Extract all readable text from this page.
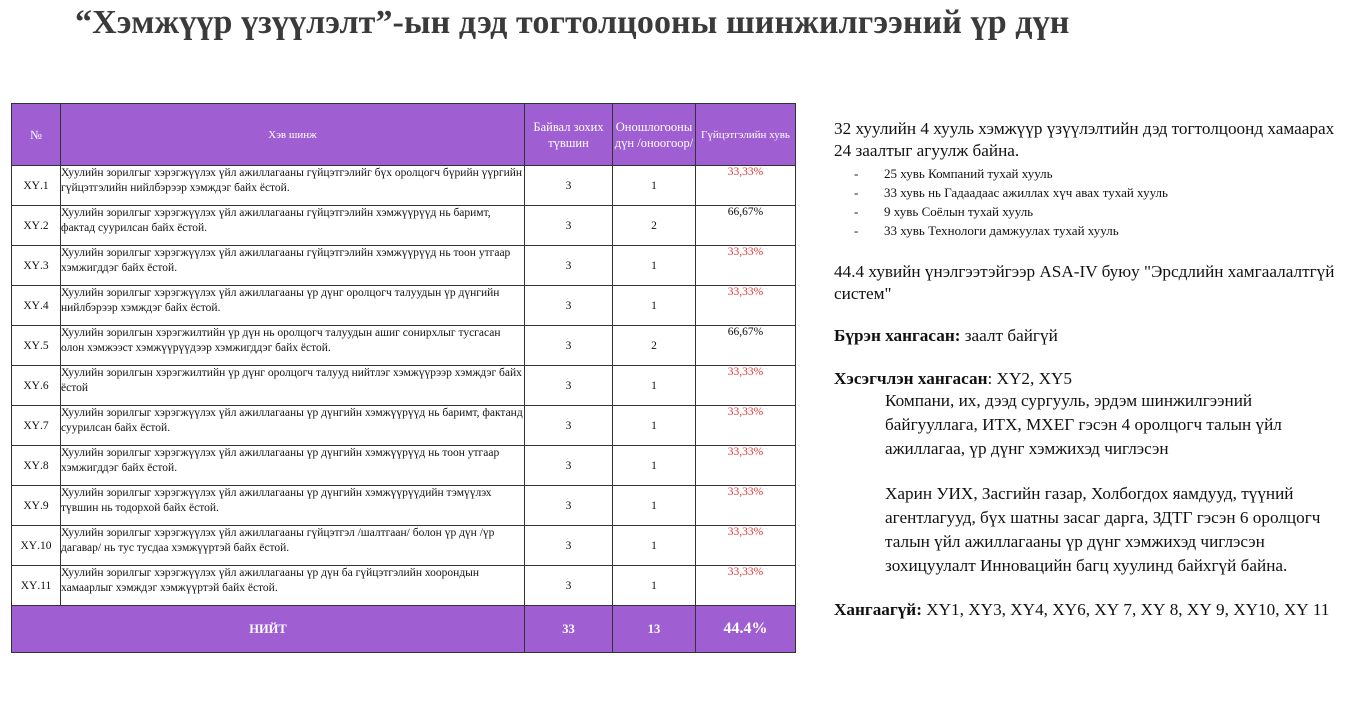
“Хэмжүүр үзүүлэлт”-ын дэд тогтолцооны шинжилгээний үр дүн
№	Хэв шинж	Байвал зохих түвшин	Оношлогооны дүн /оноогоор/	Гүйцэтгэлийн хувь
ХҮ.1	Хуулийн зорилгыг хэрэгжүүлэх үйл ажиллагааны гүйцэтгэлийг бүх оролцогч бүрийн үүргийн гүйцэтгэлийн нийлбэрээр хэмждэг байх ёстой.	3	1	33,33%
ХҮ.2	Хуулийн зорилгыг хэрэгжүүлэх үйл ажиллагааны гүйцэтгэлийн хэмжүүрүүд нь баримт, фактад суурилсан байх ёстой.	3	2	66,67%
ХҮ.3	Хуулийн зорилгыг хэрэгжүүлэх үйл ажиллагааны гүйцэтгэлийн хэмжүүрүүд нь тоон утгаар хэмжигддэг байх ёстой.	3	1	33,33%
ХҮ.4	Хуулийн зорилгыг хэрэгжүүлэх үйл ажиллагааны үр дүнг оролцогч талуудын үр дүнгийн нийлбэрээр хэмждэг байх ёстой.	3	1	33,33%
ХҮ.5	Хуулийн зорилгын хэрэгжилтийн үр дүн нь оролцогч талуудын ашиг сонирхлыг тусгасан олон хэмжээст хэмжүүрүүдээр хэмжигддэг байх ёстой.	3	2	66,67%
ХҮ.6	Хуулийн зорилгын хэрэгжилтийн үр дүнг оролцогч талууд нийтлэг хэмжүүрээр хэмждэг байх ёстой	3	1	33,33%
ХҮ.7	Хуулийн зорилгыг хэрэгжүүлэх үйл ажиллагааны үр дүнгийн хэмжүүрүүд нь баримт, фактанд суурилсан байх ёстой.	3	1	33,33%
ХҮ.8	Хуулийн зорилгыг хэрэгжүүлэх үйл ажиллагааны үр дүнгийн хэмжүүрүүд нь тоон утгаар хэмжигддэг байх ёстой.	3	1	33,33%
ХҮ.9	Хуулийн зорилгыг хэрэгжүүлэх үйл ажиллагааны үр дүнгийн хэмжүүрүүдийн тэмүүлэх түвшин нь тодорхой байх ёстой.	3	1	33,33%
ХҮ.10	Хуулийн зорилгыг хэрэгжүүлэх үйл ажиллагааны гүйцэтгэл /шалтгаан/ болон үр дүн /үр дагавар/ нь тус тусдаа хэмжүүртэй байх ёстой.	3	1	33,33%
ХҮ.11	Хуулийн зорилгыг хэрэгжүүлэх үйл ажиллагааны үр дүн ба гүйцэтгэлийн хоорондын хамаарлыг хэмждэг хэмжүүртэй байх ёстой.	3	1	33,33%
НИЙТ		33	13	44.4%

32 хуулийн 4 хууль хэмжүүр үзүүлэлтийн дэд тогтолцоонд хамаарах 24 заалтыг агуулж байна.

- 25 хувь Компаний тухай хууль
- 33 хувь нь Гадаадаас ажиллах хүч авах тухай хууль
- 9 хувь Соёлын тухай хууль
- 33 хувь Технологи дамжуулах тухай хууль

44.4 хувийн үнэлгээтэйгээр ASA-IV буюу "Эрсдлийн хамгаалалтгүй систем"

Бүрэн хангасан: заалт байгүй

Хэсэгчлэн хангасан: ХҮ2, ХҮ5

Компани, их, дээд сургууль, эрдэм шинжилгээний байгууллага, ИТХ, МХЕГ гэсэн 4 оролцогч талын үйл ажиллагаа, үр дүнг хэмжихэд чиглэсэн

Харин УИХ, Засгийн газар, Холбогдох яамдууд, түүний агентлагууд, бүх шатны засаг дарга, ЗДТГ гэсэн 6 оролцогч талын үйл ажиллагааны үр дүнг хэмжихэд чиглэсэн зохицуулалт Инновацийн багц хуулинд байхгүй байна.

Хангаагүй: ХҮ1, ХҮ3, ХҮ4, ХҮ6, ХҮ 7, ХҮ 8, ХҮ 9, ХҮ10, ХҮ 11
